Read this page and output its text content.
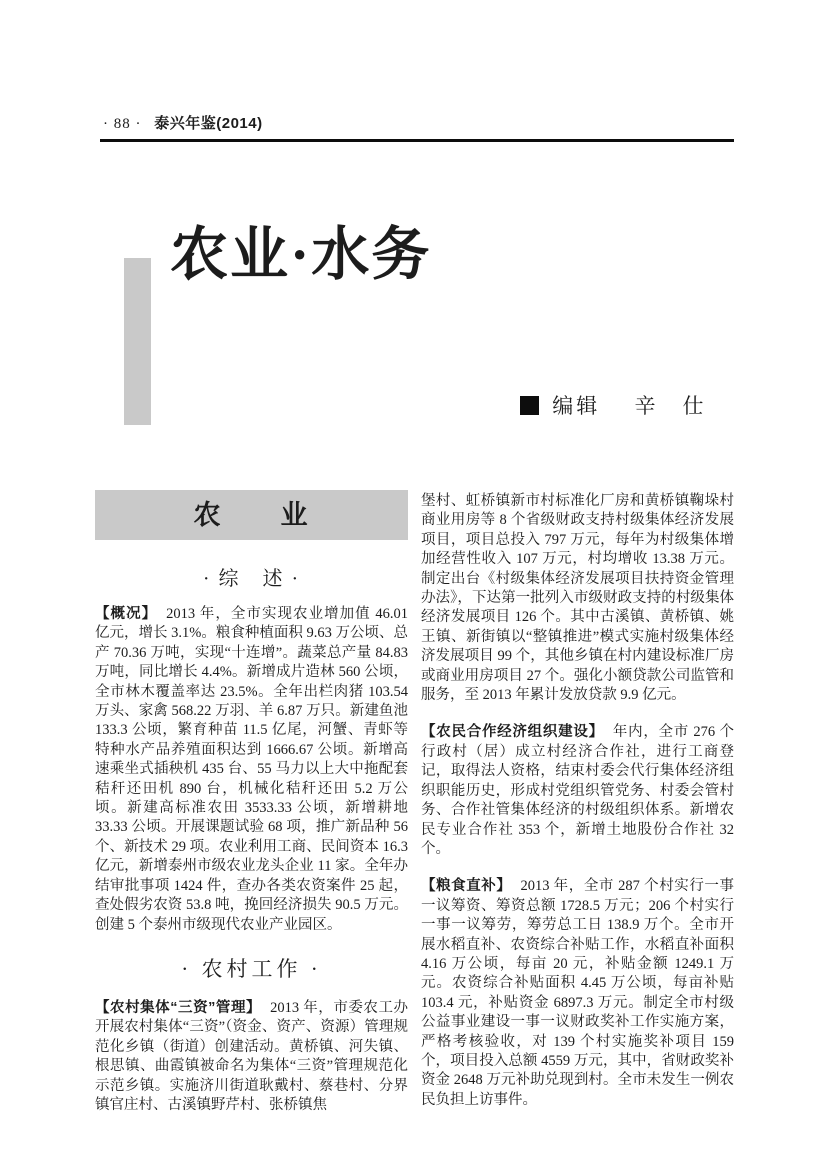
· 88 · 泰兴年鉴(2014)
农业·水务
编辑 辛　仕
农　　业
· 综　述 ·

【概况】 2013 年，全市实现农业增加值 46.01 亿元，增长 3.1%。粮食种植面积 9.63 万公顷、总产 70.36 万吨，实现“十连增”。蔬菜总产量 84.83 万吨，同比增长 4.4%。新增成片造林 560 公顷，全市林木覆盖率达 23.5%。全年出栏肉猪 103.54 万头、家禽 568.22 万羽、羊 6.87 万只。新建鱼池 133.3 公顷，繁育种苗 11.5 亿尾，河蟹、青虾等特种水产品养殖面积达到 1666.67 公顷。新增高速乘坐式插秧机 435 台、55 马力以上大中拖配套秸秆还田机 890 台，机械化秸秆还田 5.2 万公顷。新建高标准农田 3533.33 公顷，新增耕地 33.33 公顷。开展课题试验 68 项，推广新品种 56 个、新技术 29 项。农业利用工商、民间资本 16.3 亿元，新增泰州市级农业龙头企业 11 家。全年办结审批事项 1424 件，查办各类农资案件 25 起，查处假劣农资 53.8 吨，挽回经济损失 90.5 万元。创建 5 个泰州市级现代农业产业园区。

· 农村工作 ·

【农村集体“三资”管理】 2013 年，市委农工办开展农村集体“三资”（资金、资产、资源）管理规范化乡镇（街道）创建活动。黄桥镇、河失镇、根思镇、曲霞镇被命名为集体“三资”管理规范化示范乡镇。实施济川街道耿戴村、蔡巷村、分界镇官庄村、古溪镇野芹村、张桥镇焦

堡村、虹桥镇新市村标准化厂房和黄桥镇鞠垛村商业用房等 8 个省级财政支持村级集体经济发展项目，项目总投入 797 万元，每年为村级集体增加经营性收入 107 万元，村均增收 13.38 万元。制定出台《村级集体经济发展项目扶持资金管理办法》，下达第一批列入市级财政支持的村级集体经济发展项目 126 个。其中古溪镇、黄桥镇、姚王镇、新街镇以“整镇推进”模式实施村级集体经济发展项目 99 个，其他乡镇在村内建设标准厂房或商业用房项目 27 个。强化小额贷款公司监管和服务，至 2013 年累计发放贷款 9.9 亿元。

【农民合作经济组织建设】 年内，全市 276 个行政村（居）成立村经济合作社，进行工商登记，取得法人资格，结束村委会代行集体经济组织职能历史，形成村党组织管党务、村委会管村务、合作社管集体经济的村级组织体系。新增农民专业合作社 353 个，新增土地股份合作社 32 个。

【粮食直补】 2013 年，全市 287 个村实行一事一议筹资、筹资总额 1728.5 万元；206 个村实行一事一议筹劳，筹劳总工日 138.9 万个。全市开展水稻直补、农资综合补贴工作，水稻直补面积 4.16 万公顷，每亩 20 元，补贴金额 1249.1 万元。农资综合补贴面积 4.45 万公顷，每亩补贴 103.4 元，补贴资金 6897.3 万元。制定全市村级公益事业建设一事一议财政奖补工作实施方案，严格考核验收，对 139 个村实施奖补项目 159 个，项目投入总额 4559 万元，其中，省财政奖补资金 2648 万元补助兑现到村。全市未发生一例农民负担上访事件。
